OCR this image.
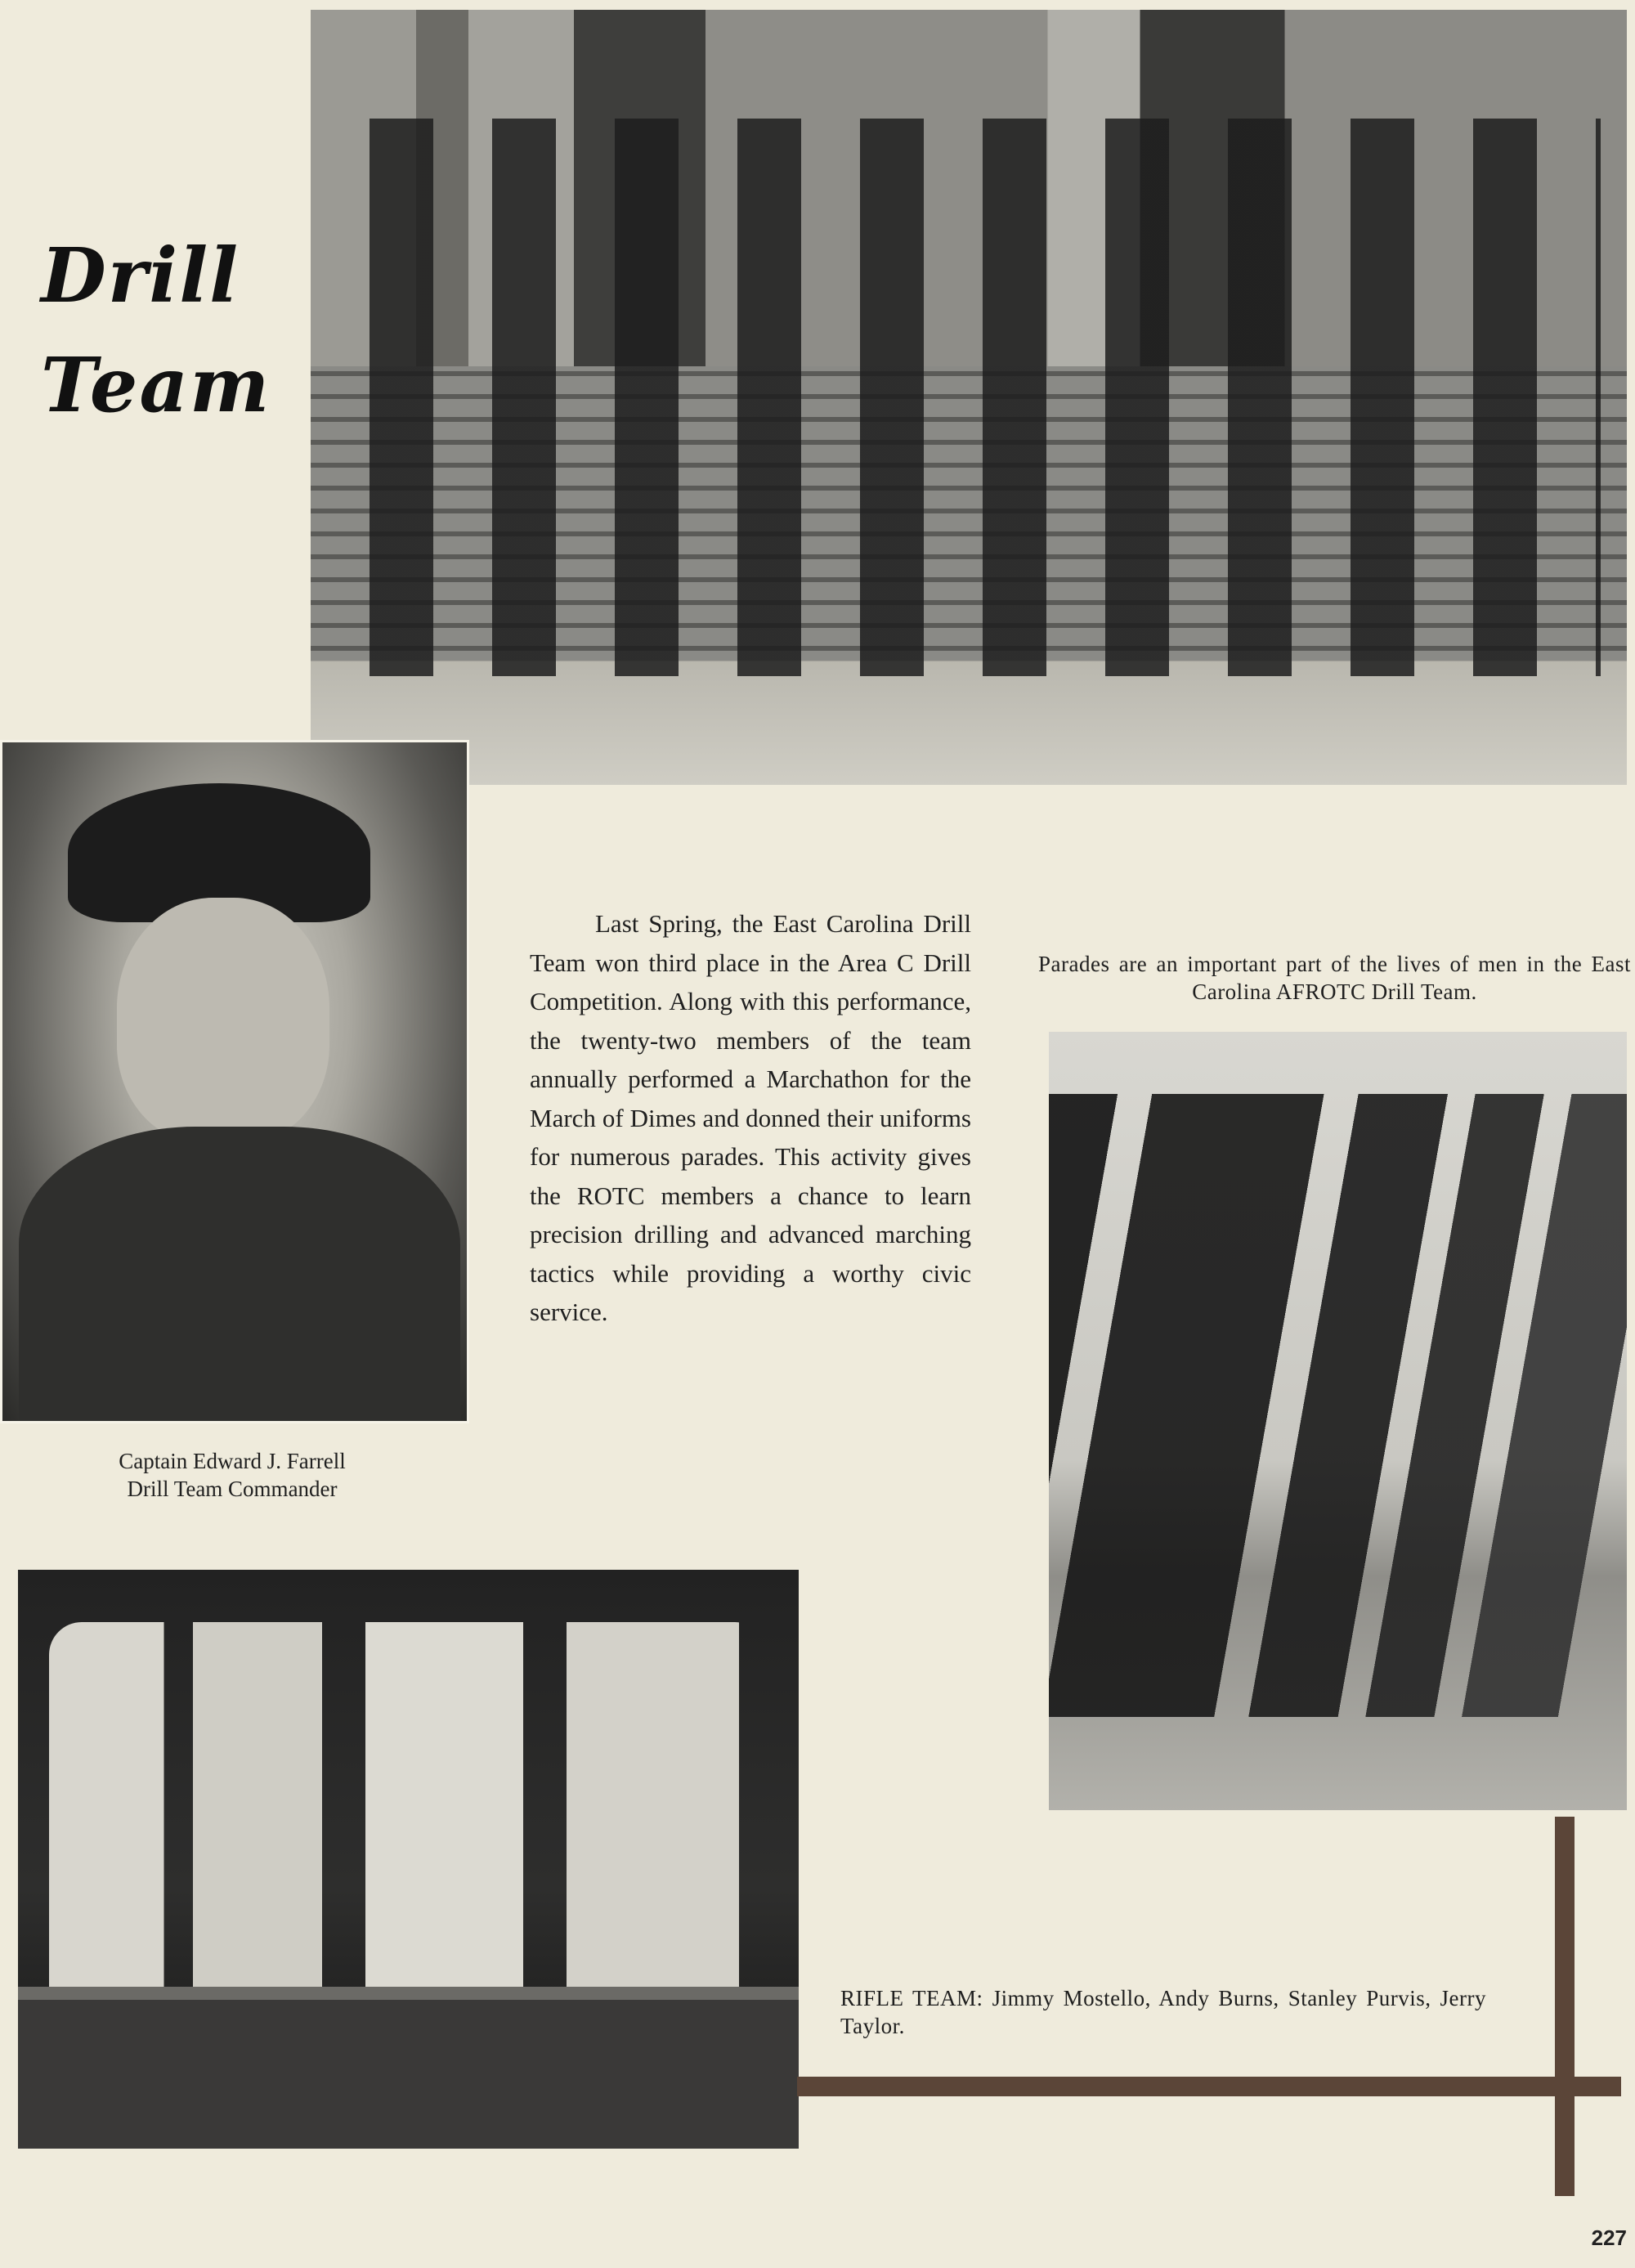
Drill
Team
Captain Edward J. Farrell
Drill Team Commander
Last Spring, the East Carolina Drill Team won third place in the Area C Drill Competition. Along with this performance, the twenty-two members of the team annually performed a Marchathon for the March of Dimes and donned their uniforms for numerous parades. This activity gives the ROTC members a chance to learn precision drilling and advanced marching tactics while providing a worthy civic service.
Parades are an important part of the lives of men in the East Carolina AFROTC Drill Team.
RIFLE TEAM: Jimmy Mostello, Andy Burns, Stanley Purvis, Jerry Taylor.
227
